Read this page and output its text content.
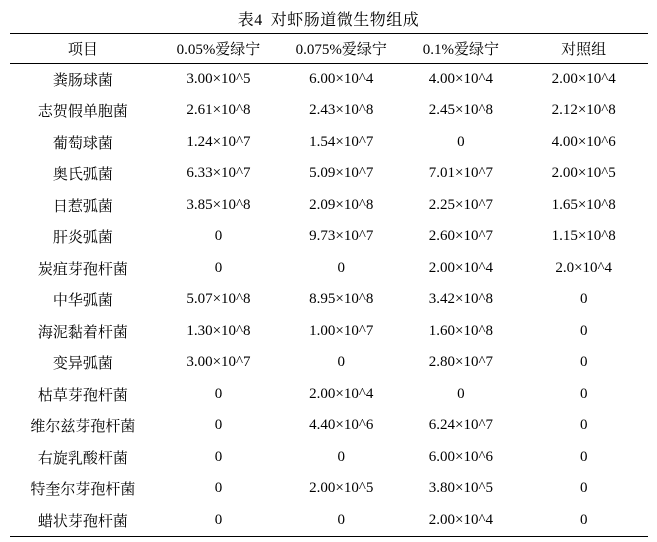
表4 对虾肠道微生物组成
项目	0.05%爱绿宁	0.075%爱绿宁	0.1%爱绿宁	对照组
粪肠球菌	3.00×10^5	6.00×10^4	4.00×10^4	2.00×10^4
志贺假单胞菌	2.61×10^8	2.43×10^8	2.45×10^8	2.12×10^8
葡萄球菌	1.24×10^7	1.54×10^7	0	4.00×10^6
奥氏弧菌	6.33×10^7	5.09×10^7	7.01×10^7	2.00×10^5
日惹弧菌	3.85×10^8	2.09×10^8	2.25×10^7	1.65×10^8
肝炎弧菌	0	9.73×10^7	2.60×10^7	1.15×10^8
炭疽芽孢杆菌	0	0	2.00×10^4	2.0×10^4
中华弧菌	5.07×10^8	8.95×10^8	3.42×10^8	0
海泥黏着杆菌	1.30×10^8	1.00×10^7	1.60×10^8	0
变异弧菌	3.00×10^7	0	2.80×10^7	0
枯草芽孢杆菌	0	2.00×10^4	0	0
维尔兹芽孢杆菌	0	4.40×10^6	6.24×10^7	0
右旋乳酸杆菌	0	0	6.00×10^6	0
特奎尔芽孢杆菌	0	2.00×10^5	3.80×10^5	0
蜡状芽孢杆菌	0	0	2.00×10^4	0
